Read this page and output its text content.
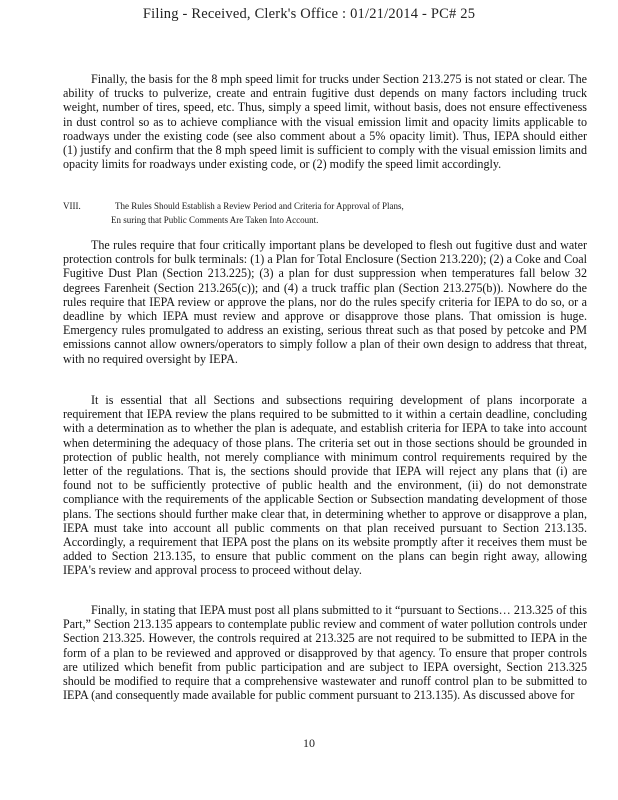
Filing - Received, Clerk's Office : 01/21/2014 - PC# 25

Finally, the basis for the 8 mph speed limit for trucks under Section 213.275 is not stated or clear. The ability of trucks to pulverize, create and entrain fugitive dust depends on many factors including truck weight, number of tires, speed, etc. Thus, simply a speed limit, without basis, does not ensure effectiveness in dust control so as to achieve compliance with the visual emission limit and opacity limits applicable to roadways under the existing code (see also comment about a 5% opacity limit). Thus, IEPA should either (1) justify and confirm that the 8 mph speed limit is sufficient to comply with the visual emission limits and opacity limits for roadways under existing code, or (2) modify the speed limit accordingly.

VIII.	The Rules Should Establish a Review Period and Criteria for Approval of Plans,
En suring that Public Comments Are Taken Into Account.

The rules require that four critically important plans be developed to flesh out fugitive dust and water protection controls for bulk terminals: (1) a Plan for Total Enclosure (Section 213.220); (2) a Coke and Coal Fugitive Dust Plan (Section 213.225); (3) a plan for dust suppression when temperatures fall below 32 degrees Farenheit (Section 213.265(c)); and (4) a truck traffic plan (Section 213.275(b)). Nowhere do the rules require that IEPA review or approve the plans, nor do the rules specify criteria for IEPA to do so, or a deadline by which IEPA must review and approve or disapprove those plans. That omission is huge. Emergency rules promulgated to address an existing, serious threat such as that posed by petcoke and PM emissions cannot allow owners/operators to simply follow a plan of their own design to address that threat, with no required oversight by IEPA.

It is essential that all Sections and subsections requiring development of plans incorporate a requirement that IEPA review the plans required to be submitted to it within a certain deadline, concluding with a determination as to whether the plan is adequate, and establish criteria for IEPA to take into account when determining the adequacy of those plans. The criteria set out in those sections should be grounded in protection of public health, not merely compliance with minimum control requirements required by the letter of the regulations. That is, the sections should provide that IEPA will reject any plans that (i) are found not to be sufficiently protective of public health and the environment, (ii) do not demonstrate compliance with the requirements of the applicable Section or Subsection mandating development of those plans. The sections should further make clear that, in determining whether to approve or disapprove a plan, IEPA must take into account all public comments on that plan received pursuant to Section 213.135. Accordingly, a requirement that IEPA post the plans on its website promptly after it receives them must be added to Section 213.135, to ensure that public comment on the plans can begin right away, allowing IEPA's review and approval process to proceed without delay.

Finally, in stating that IEPA must post all plans submitted to it “pursuant to Sections… 213.325 of this Part,” Section 213.135 appears to contemplate public review and comment of water pollution controls under Section 213.325. However, the controls required at 213.325 are not required to be submitted to IEPA in the form of a plan to be reviewed and approved or disapproved by that agency. To ensure that proper controls are utilized which benefit from public participation and are subject to IEPA oversight, Section 213.325 should be modified to require that a comprehensive wastewater and runoff control plan to be submitted to IEPA (and consequently made available for public comment pursuant to 213.135). As discussed above for

10
